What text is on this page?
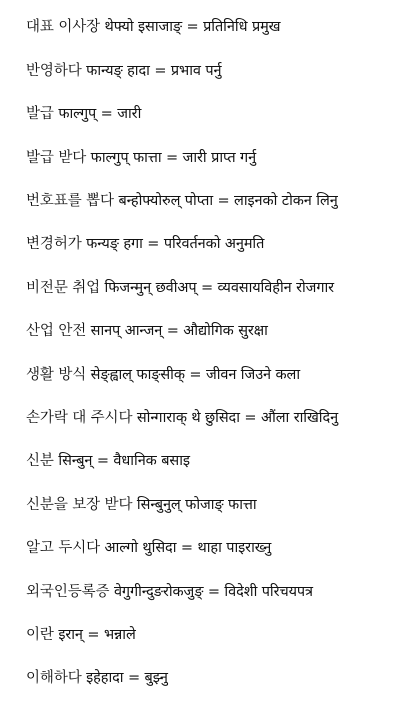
대표 이사장 थेफ्यो इसाजाङ् = प्रतिनिधि प्रमुख
반영하다 फान्यङ् हादा = प्रभाव पर्नु
발급 फाल्गुप् = जारी
발급 받다 फाल्गुप् फात्ता = जारी प्राप्त गर्नु
번호표를 뽑다 बन्होफ्योरुल् पोप्ता = लाइनको टोकन लिनु
변경허가 फन्यङ् हगा = परिवर्तनको अनुमति
비전문 취업 फिजन्मुन् छवीअप् = व्यवसायविहीन रोजगार
산업 안전 सानप् आन्जन् = औद्योगिक सुरक्षा
생활 방식 सेङ्ह्वाल् फाङ्सीक् = जीवन जिउने कला
손가락 대 주시다 सोन्गाराक् थे छुसिदा = औंला राखिदिनु
신분 सिन्बुन् = वैधानिक बसाइ
신분을 보장 받다 सिन्बुनुल् फोजाङ् फात्ता
알고 두시다 आल्गो थुसिदा = थाहा पाइराख्नु
외국인등록증 वेगुगीन्दुङरोकजुङ् = विदेशी परिचयपत्र
이란 इरान् = भन्नाले
이해하다 इहेहादा = बुझ्नु
